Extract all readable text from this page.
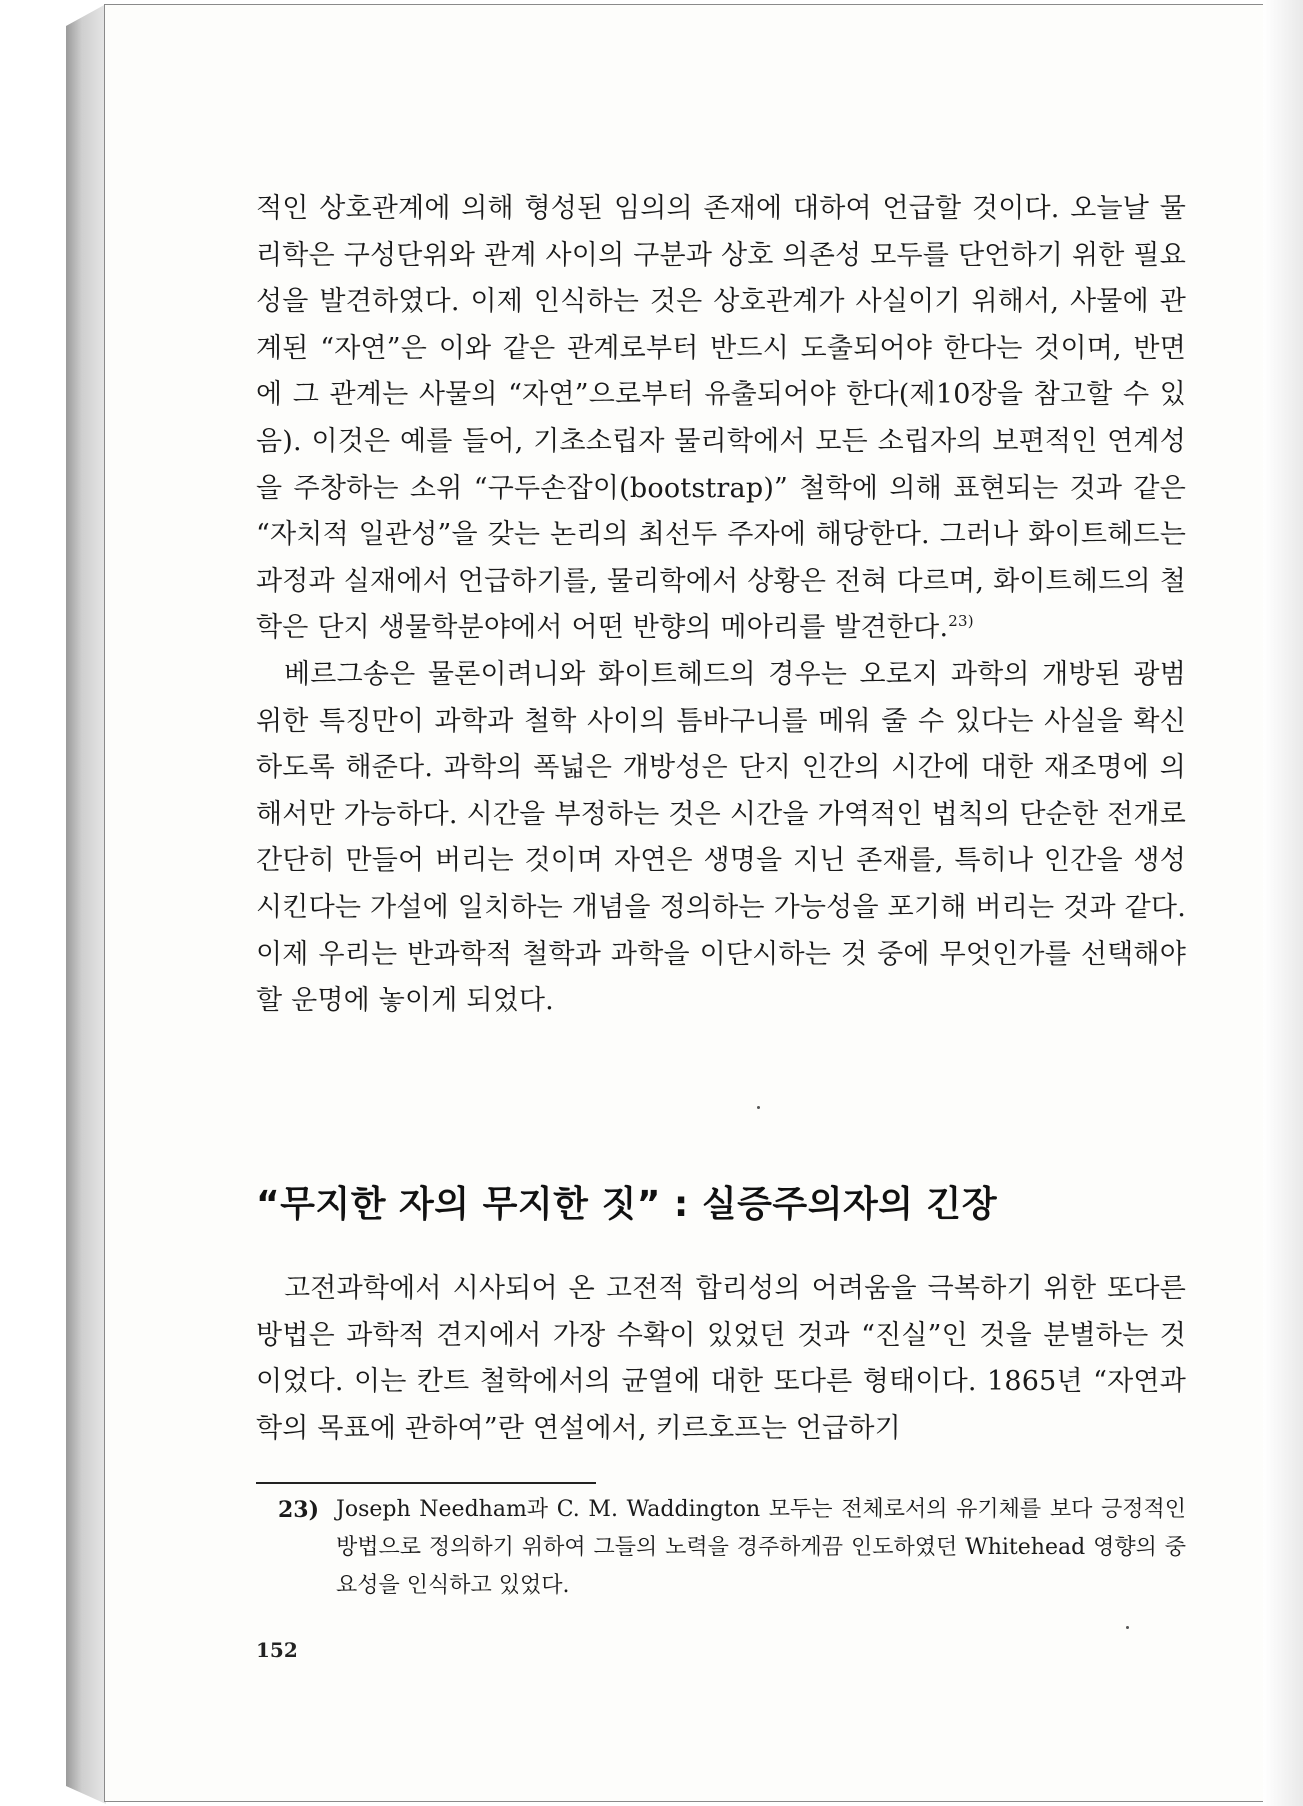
적인 상호관계에 의해 형성된 임의의 존재에 대하여 언급할 것이다. 오늘날 물리학은 구성단위와 관계 사이의 구분과 상호 의존성 모두를 단언하기 위한 필요성을 발견하였다. 이제 인식하는 것은 상호관계가 사실이기 위해서, 사물에 관계된 “자연”은 이와 같은 관계로부터 반드시 도출되어야 한다는 것이며, 반면에 그 관계는 사물의 “자연”으로부터 유출되어야 한다(제10장을 참고할 수 있음). 이것은 예를 들어, 기초소립자 물리학에서 모든 소립자의 보편적인 연계성을 주창하는 소위 “구두손잡이(bootstrap)” 철학에 의해 표현되는 것과 같은 “자치적 일관성”을 갖는 논리의 최선두 주자에 해당한다. 그러나 화이트헤드는 과정과 실재에서 언급하기를, 물리학에서 상황은 전혀 다르며, 화이트헤드의 철학은 단지 생물학분야에서 어떤 반향의 메아리를 발견한다.$^{23)}$

베르그송은 물론이려니와 화이트헤드의 경우는 오로지 과학의 개방된 광범위한 특징만이 과학과 철학 사이의 틈바구니를 메워 줄 수 있다는 사실을 확신하도록 해준다. 과학의 폭넓은 개방성은 단지 인간의 시간에 대한 재조명에 의해서만 가능하다. 시간을 부정하는 것은 시간을 가역적인 법칙의 단순한 전개로 간단히 만들어 버리는 것이며 자연은 생명을 지닌 존재를, 특히나 인간을 생성시킨다는 가설에 일치하는 개념을 정의하는 가능성을 포기해 버리는 것과 같다. 이제 우리는 반과학적 철학과 과학을 이단시하는 것 중에 무엇인가를 선택해야 할 운명에 놓이게 되었다.

“무지한 자의 무지한 짓” : 실증주의자의 긴장

고전과학에서 시사되어 온 고전적 합리성의 어려움을 극복하기 위한 또다른 방법은 과학적 견지에서 가장 수확이 있었던 것과 “진실”인 것을 분별하는 것이었다. 이는 칸트 철학에서의 균열에 대한 또다른 형태이다. 1865년 “자연과학의 목표에 관하여”란 연설에서, 키르호프는 언급하기

23) Joseph Needham과 C. M. Waddington 모두는 전체로서의 유기체를 보다 긍정적인 방법으로 정의하기 위하여 그들의 노력을 경주하게끔 인도하였던 Whitehead 영향의 중요성을 인식하고 있었다.

152
